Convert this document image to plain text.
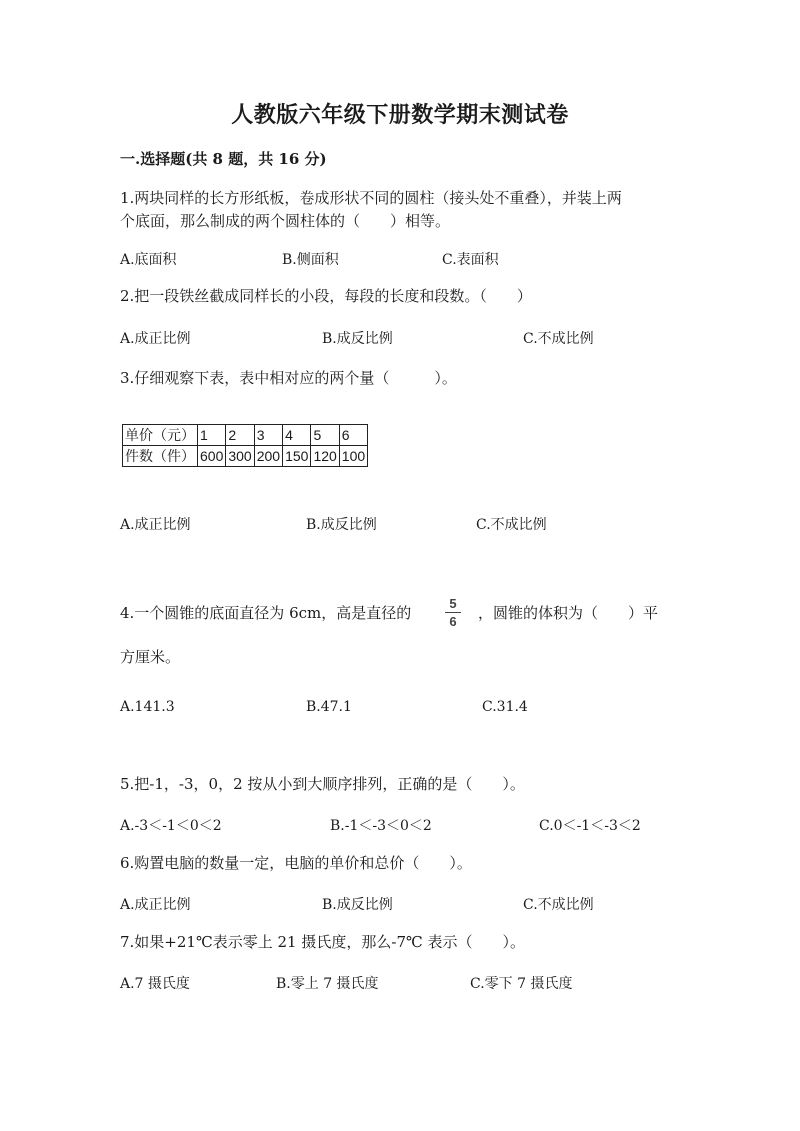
人教版六年级下册数学期末测试卷
一.选择题(共 8 题，共 16 分)
1.两块同样的长方形纸板，卷成形状不同的圆柱（接头处不重叠），并装上两
个底面，那么制成的两个圆柱体的（　　）相等。
A.底面积	B.侧面积	C.表面积
2.把一段铁丝截成同样长的小段，每段的长度和段数。（　　）
A.成正比例	B.成反比例	C.不成比例
3.仔细观察下表，表中相对应的两个量（　　　）。
单价（元）	1	2	3	4	5	6
件数（件）	600	300	200	150	120	100
A.成正比例	B.成反比例	C.不成比例
4.一个圆锥的底面直径为 6cm，高是直径的
5
6 ，圆锥的体积为（　　）平
方厘米。
A.141.3	B.47.1	C.31.4
5.把-1，-3，0，2 按从小到大顺序排列，正确的是（　　）。
A.-3＜-1＜0＜2	B.-1＜-3＜0＜2	C.0＜-1＜-3＜2
6.购置电脑的数量一定，电脑的单价和总价（　　）。
A.成正比例	B.成反比例	C.不成比例
7.如果+21℃表示零上 21 摄氏度，那么-7℃ 表示（　　）。
A.7 摄氏度	B.零上 7 摄氏度	C.零下 7 摄氏度
